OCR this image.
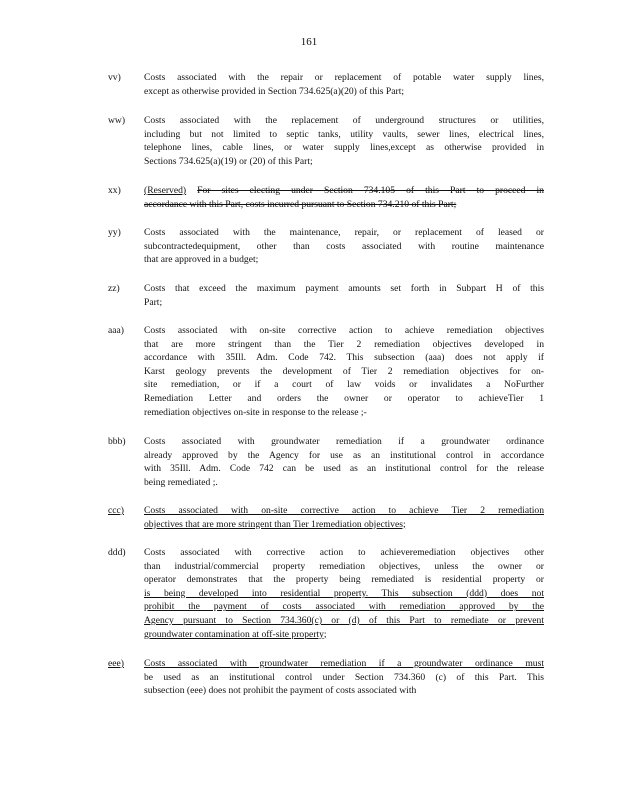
161
vv)	Costs associated with the repair or replacement of potable water supply lines,
except as otherwise provided in Section 734.625(a)(20) of this Part;
ww)	Costs associated with the replacement of underground structures or utilities,
including but not limited to septic tanks, utility vaults, sewer lines, electrical lines,
telephone lines, cable lines, or water supply lines,except as otherwise provided in
Sections 734.625(a)(19) or (20) of this Part;
xx)	(Reserved) For sites electing under Section 734.105 of this Part to proceed in
accordance with this Part, costs incurred pursuant to Section 734.210 of this Part;
yy)	Costs associated with the maintenance, repair, or replacement of leased or
subcontractedequipment, other than costs associated with routine maintenance
that are approved in a budget;
zz)	Costs that exceed the maximum payment amounts set forth in Subpart H of this
Part;
aaa)	Costs associated with on-site corrective action to achieve remediation objectives
that are more stringent than the Tier 2 remediation objectives developed in
accordance with 35Ill. Adm. Code 742. This subsection (aaa) does not apply if
Karst geology prevents the development of Tier 2 remediation objectives for on-
site remediation, or if a court of law voids or invalidates a NoFurther
Remediation Letter and orders the owner or operator to achieveTier 1
remediation objectives on-site in response to the release ;-
bbb)	Costs associated with groundwater remediation if a groundwater ordinance
already approved by the Agency for use as an institutional control in accordance
with 35Ill. Adm. Code 742 can be used as an institutional control for the release
being remediated ;.
ccc)	Costs associated with on-site corrective action to achieve Tier 2 remediation
objectives that are more stringent than Tier 1remediation objectives;
ddd)	Costs associated with corrective action to achieveremediation objectives other
than industrial/commercial property remediation objectives, unless the owner or
operator demonstrates that the property being remediated is residential property or
is being developed into residential property. This subsection (ddd) does not
prohibit the payment of costs associated with remediation approved by the
Agency pursuant to Section 734.360(c) or (d) of this Part to remediate or prevent
groundwater contamination at off-site property;
eee)	Costs associated with groundwater remediation if a groundwater ordinance must
be used as an institutional control under Section 734.360 (c) of this Part. This
subsection (eee) does not prohibit the payment of costs associated with
